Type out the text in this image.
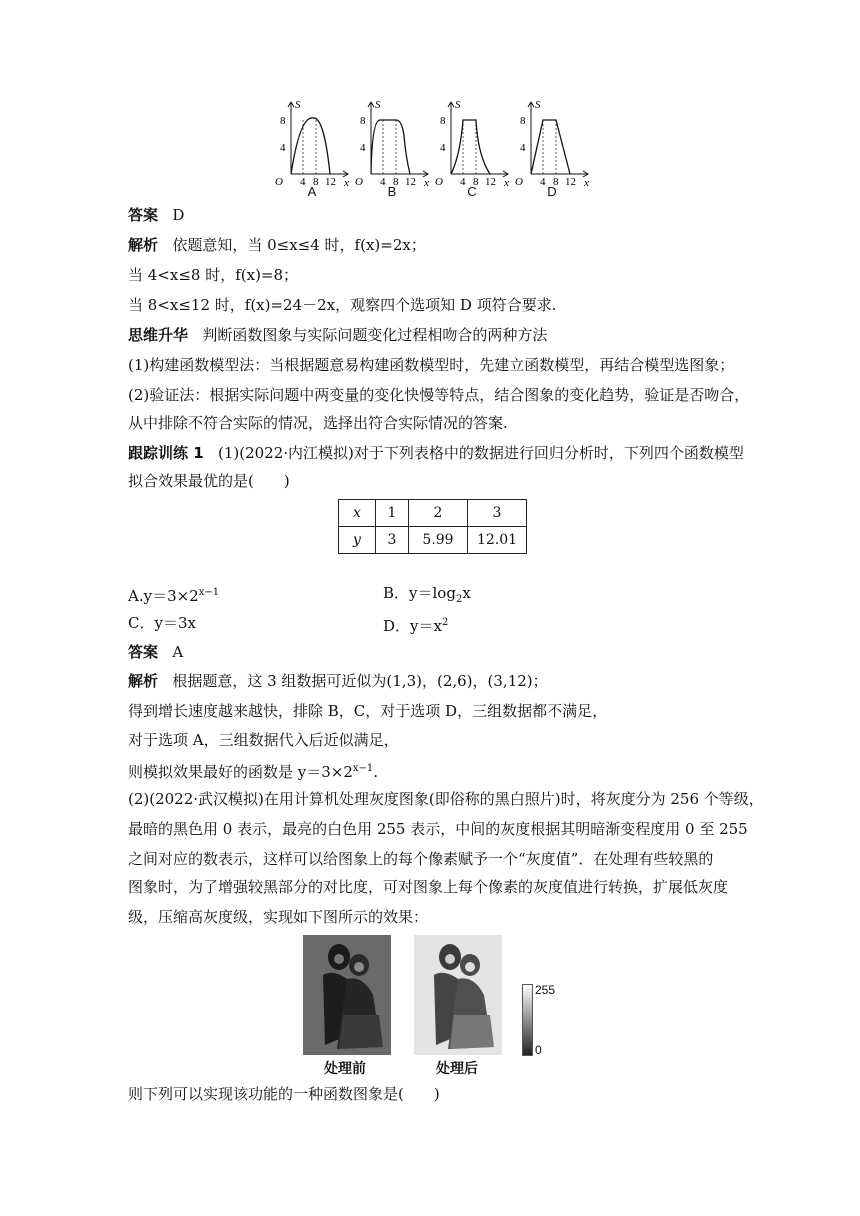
S
x
O
8
4
4 8 12
A
S
x
O
8
4
4 8 12
B
S
x
O
8
4
4 8 12
C
S
x
O
8
4
4 8 12
D
答案 D
解析 依题意知，当 0≤x≤4 时，f(x)=2x；
当 4<x≤8 时，f(x)=8；
当 8<x≤12 时，f(x)=24－2x，观察四个选项知 D 项符合要求.
思维升华 判断函数图象与实际问题变化过程相吻合的两种方法
(1)构建函数模型法：当根据题意易构建函数模型时，先建立函数模型，再结合模型选图象；
(2)验证法：根据实际问题中两变量的变化快慢等特点，结合图象的变化趋势，验证是否吻合，
从中排除不符合实际的情况，选择出符合实际情况的答案.
跟踪训练 1 (1)(2022·内江模拟)对于下列表格中的数据进行回归分析时，下列四个函数模型
拟合效果最优的是(　　)
x	1	2	3
y	3	5.99	12.01
$A.y=3\times 2^{x-1}$	B．$y=\log_2x$
C．y＝3x	D．$y=x^2$
答案 A
解析 根据题意，这 3 组数据可近似为(1,3)，(2,6)，(3,12)；
得到增长速度越来越快，排除 B，C，对于选项 D，三组数据都不满足，
对于选项 A，三组数据代入后近似满足，
则模拟效果最好的函数是 $y=3\times 2^{x-1}$.
(2)(2022·武汉模拟)在用计算机处理灰度图象(即俗称的黑白照片)时，将灰度分为 256 个等级，
最暗的黑色用 0 表示，最亮的白色用 255 表示，中间的灰度根据其明暗渐变程度用 0 至 255
之间对应的数表示，这样可以给图象上的每个像素赋予一个“灰度值”．在处理有些较黑的
图象时，为了增强较黑部分的对比度，可对图象上每个像素的灰度值进行转换，扩展低灰度
级，压缩高灰度级，实现如下图所示的效果：
处理前	处理后
255
0
则下列可以实现该功能的一种函数图象是(　　)
